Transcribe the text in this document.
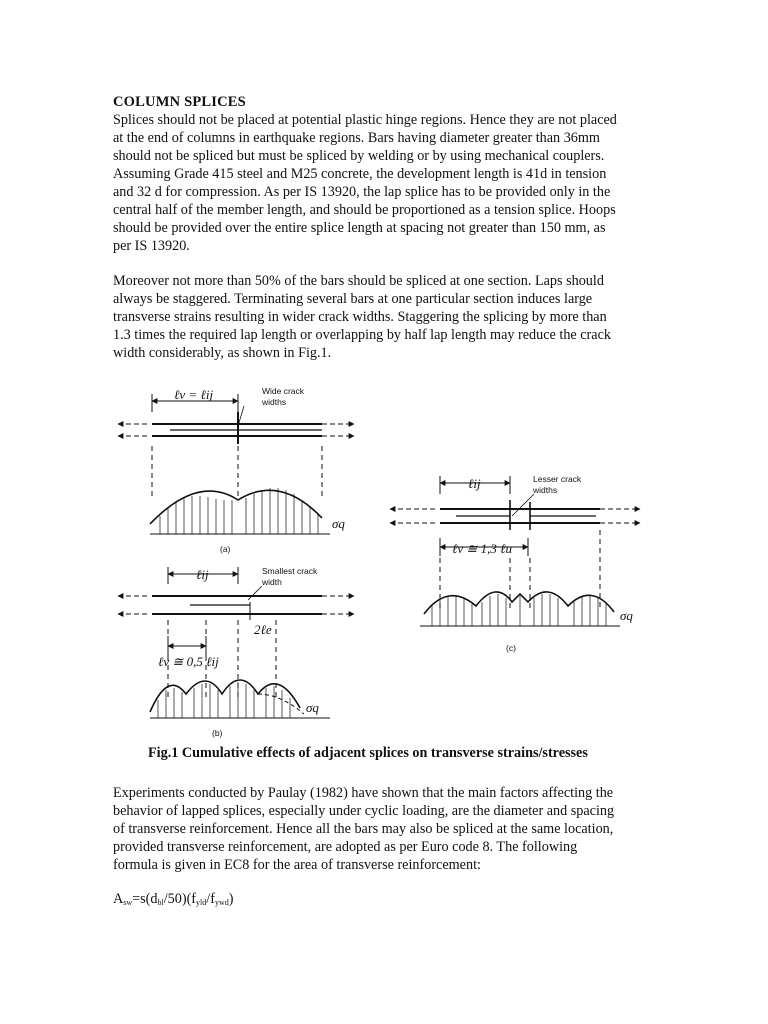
COLUMN SPLICES
Splices should not be placed at potential plastic hinge regions. Hence they are not placed
at the end of columns in earthquake regions. Bars having diameter greater than 36mm
should not be spliced but must be spliced by welding or by using mechanical couplers.
Assuming Grade 415 steel and M25 concrete, the development length is 41d in tension
and 32 d for compression. As per IS 13920, the lap splice has to be provided only in the
central half of the member length, and should be proportioned as a tension splice. Hoops
should be provided over the entire splice length at spacing not greater than 150 mm, as
per IS 13920.
Moreover not more than 50% of the bars should be spliced at one section. Laps should
always be staggered. Terminating several bars at one particular section induces large
transverse strains resulting in wider crack widths. Staggering the splicing by more than
1.3 times the required lap length or overlapping by half lap length may reduce the crack
width considerably, as shown in Fig.1.
ℓv = ℓij	Wide crack
widths
σq
(a)
ℓij	Smallest crack
width
2ℓe
ℓv ≅ 0,5 ℓij
σq
(b)
ℓij	Lesser crack
widths
ℓv ≅ 1,3 ℓu
σq
(c)
Fig.1 Cumulative effects of adjacent splices on transverse strains/stresses
Experiments conducted by Paulay (1982) have shown that the main factors affecting the
behavior of lapped splices, especially under cyclic loading, are the diameter and spacing
of transverse reinforcement. Hence all the bars may also be spliced at the same location,
provided transverse reinforcement, are adopted as per Euro code 8. The following
formula is given in EC8 for the area of transverse reinforcement:
$A_{sw}=s(d_{bl}/50)(f_{yld}/f_{ywd})$
